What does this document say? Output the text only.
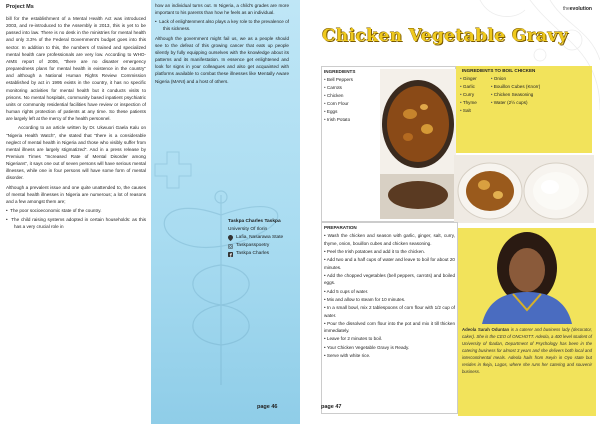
Project Ms

bill for the establishment of a Mental Health Act was introduced 2003, and re-introduced to the Assembly in 2013, this is yet to be passed into law. There is no desk in the ministries for mental health and only 3.3% of the Federal Government's budget goes into this sector. In addition to this, the numbers of trained and specialized mental health care professionals are very low. According to WHO-AIMS report of 2006, "there are no disaster emergency preparedness plans for mental health in existence in the country" and although a National Human Rights Review Commission established by act in 1995 exists in the country, it has no specific monitoring activities for mental health but it conducts visits to prisons. No mental hospitals, community based inpatient psychiatric units or community residential facilities have review or inspection of human rights protection of patients at any time. So these patients are largely left at the mercy of the health personnel.

According to an article written by Dr. Ukwuori Gaela Kalu on "Nigeria Health Watch", she stated that "there is a considerable neglect of mental health in Nigeria and those who visibly suffer from mental illness are largely stigmatized". And in a press release by Premium Times "Increased Rate of Mental Disorder among Nigerians", it says one out of seven persons will have serious mental illnesses, while one in four persons will have some form of mental disorder.

Although a prevalent issue and one quite unattended to, the causes of mental health illnesses in Nigeria are numerous; a lot of reasons and a few amongst them are;

•  The poor socioeconomic state of the country.

•  The child raising systems adopted in certain households: as this has a very crucial role in

how an individual turns out. In Nigeria, a child's grades are more important to his parents than how he feels as an individual.

•  Lack of enlightenment also plays a key role to the prevalence of this sickness.

Although the government might fail us, we as a people should see to the defeat of this growing cancer that eats up people silently by fully equipping ourselves with the knowledge about its patterns and its manifestation. In essence get enlightened and look for signs in your colleagues and also get acquainted with platforms available to combat these illnesses like Mentally Aware Nigeria (MANI) and a host of others.

Taskpa Charles Taskpa
University Of Ilorin
Lafia, Nasarawa State
Taskpasspoetry
Taskpa Charles
page 46
theevolution
Chicken Vegetable Gravy
INGREDIENTS
• Bell Peppers
• Carrots
• Chicken
• Corn Flour
• Eggs
• Irish Potato
INGREDIENTS TO BOIL CHICKEN
• Ginger
• Garlic
• Curry
• Thyme
• Salt
• Onion
• Bouillon Cubes (Knorr)
• Chicken Seasoning
• Water (2½ cups)
PREPARATION
• Wash the chicken and season with garlic, ginger, salt, curry, thyme, onion, bouillon cubes and chicken seasoning.
• Peel the Irish potatoes and add it to the chicken.
• Add two and a half cups of water and leave to boil for about 20 minutes.
• Add the chopped vegetables (bell peppers, carrots) and boiled eggs.
• Add 5 cups of water.
• Mix and allow to steam for 10 minutes.
• In a small bowl, mix 2 tablespoons of corn flour with 1/2 cup of water.
• Pour the dissolved corn flour into the pot and mix it till thicken immediately.
• Leave for 2 minutes to boil.
• Your Chicken Vegetable Gravy is Ready.
• Serve with white rice.
Adeola Sarah Oduntan is a caterer and business lady (decorator, caker). She is the CEO of ONCHOTT. Adeola, a 400 level student of University of Ibadan, Department of Psychology has been in the catering business for almost 3 years and she delivers both local and intercontinental meals. Adeola hails from Iseyin in Oyo state but resides in Ikeja, Lagos, where she runs her catering and souvenir business.
page 47
